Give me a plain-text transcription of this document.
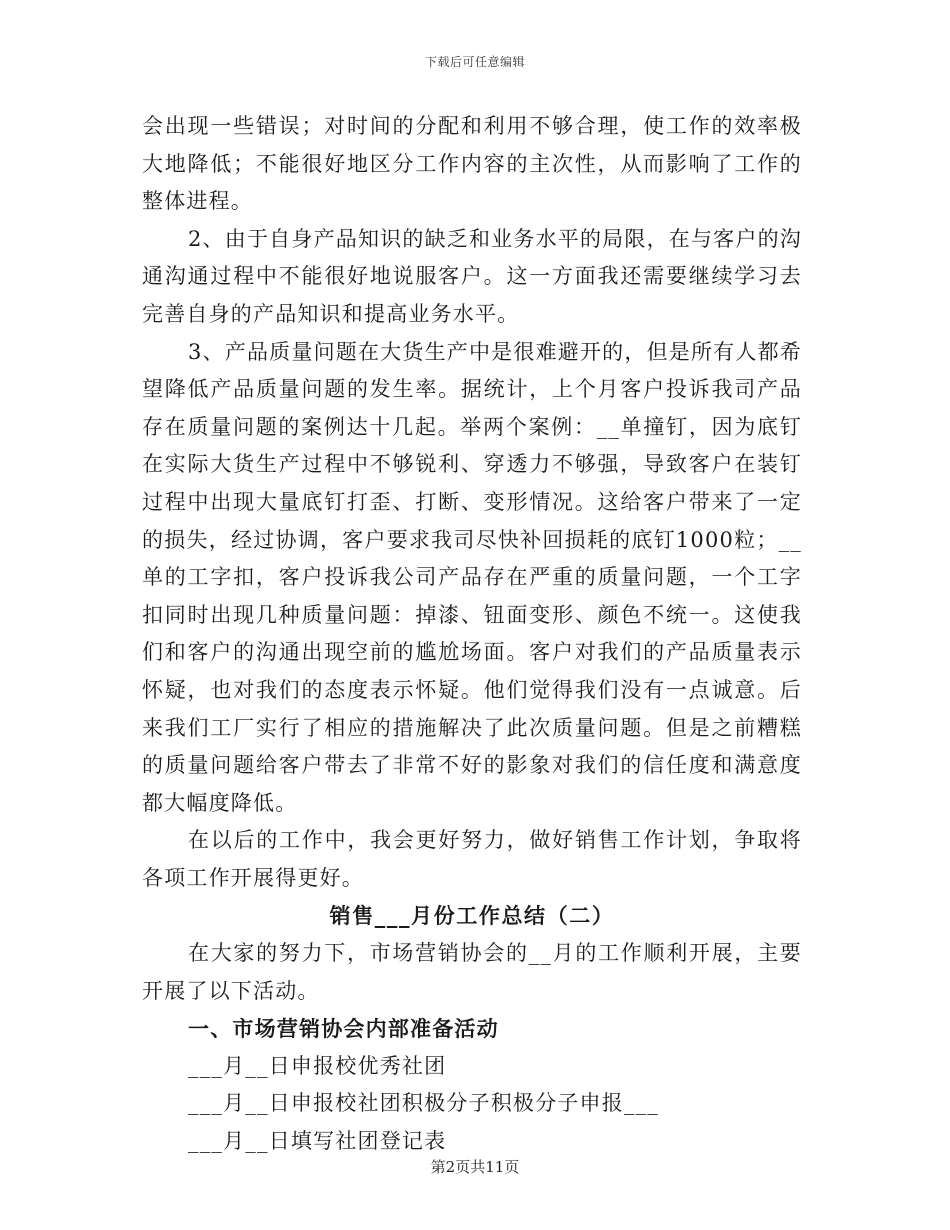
下载后可任意编辑

会出现一些错误；对时间的分配和利用不够合理，使工作的效率极大地降低；不能很好地区分工作内容的主次性，从而影响了工作的整体进程。

2、由于自身产品知识的缺乏和业务水平的局限，在与客户的沟通沟通过程中不能很好地说服客户。这一方面我还需要继续学习去完善自身的产品知识和提高业务水平。

3、产品质量问题在大货生产中是很难避开的，但是所有人都希望降低产品质量问题的发生率。据统计，上个月客户投诉我司产品存在质量问题的案例达十几起。举两个案例：__单撞钉，因为底钉在实际大货生产过程中不够锐利、穿透力不够强，导致客户在装钉过程中出现大量底钉打歪、打断、变形情况。这给客户带来了一定的损失，经过协调，客户要求我司尽快补回损耗的底钉1000粒；__单的工字扣，客户投诉我公司产品存在严重的质量问题，一个工字扣同时出现几种质量问题：掉漆、钮面变形、颜色不统一。这使我们和客户的沟通出现空前的尴尬场面。客户对我们的产品质量表示怀疑，也对我们的态度表示怀疑。他们觉得我们没有一点诚意。后来我们工厂实行了相应的措施解决了此次质量问题。但是之前糟糕的质量问题给客户带去了非常不好的影象对我们的信任度和满意度都大幅度降低。

在以后的工作中，我会更好努力，做好销售工作计划，争取将各项工作开展得更好。

销售___月份工作总结（二）

在大家的努力下，市场营销协会的__月的工作顺利开展，主要开展了以下活动。

一、市场营销协会内部准备活动

___月__日申报校优秀社团

___月__日申报校社团积极分子积极分子申报___

___月__日填写社团登记表

第2页共11页
